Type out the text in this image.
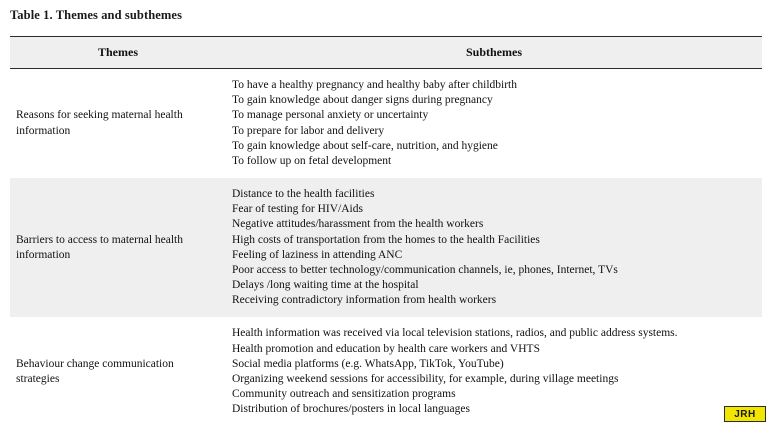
Table 1. Themes and subthemes
Themes	Subthemes
Reasons for seeking maternal health information	
To have a healthy pregnancy and healthy baby after childbirth
To gain knowledge about danger signs during pregnancy
To manage personal anxiety or uncertainty
To prepare for labor and delivery
To gain knowledge about self-care, nutrition, and hygiene
To follow up on fetal development

Barriers to access to maternal health information	
Distance to the health facilities
Fear of testing for HIV/Aids
Negative attitudes/harassment from the health workers
High costs of transportation from the homes to the health Facilities
Feeling of laziness in attending ANC
Poor access to better technology/communication channels, ie, phones, Internet, TVs
Delays /long waiting time at the hospital
Receiving contradictory information from health workers

Behaviour change communication strategies	
Health information was received via local television stations, radios, and public address systems.
Health promotion and education by health care workers and VHTS
Social media platforms (e.g. WhatsApp, TikTok, YouTube)
Organizing weekend sessions for accessibility, for example, during village meetings
Community outreach and sensitization programs
Distribution of brochures/posters in local languages	JRH
